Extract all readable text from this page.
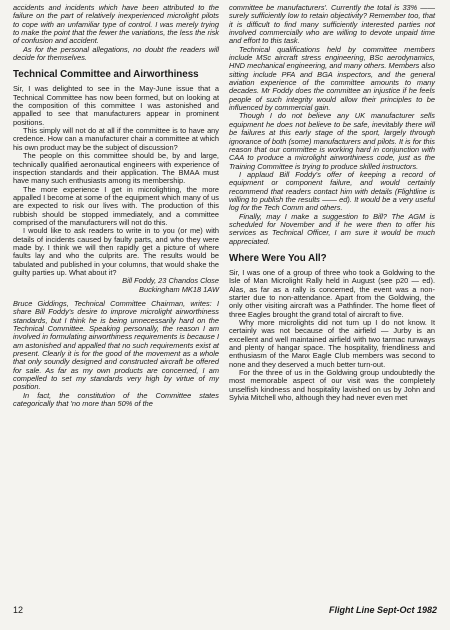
accidents and incidents which have been attributed to the failure on the part of relatively inexperienced microlight pilots to cope with an unfamiliar type of control. I was merely trying to make the point that the fewer the variations, the less the risk of confusion and accident.

As for the personal allegations, no doubt the readers will decide for themselves.

Technical Committee and Airworthiness

Sir, I was delighted to see in the May-June issue that a Technical Committee has now been formed, but on looking at the composition of this committee I was astonished and appalled to see that manufacturers appear in prominent positions.

This simply will not do at all if the committee is to have any credence. How can a manufacturer chair a committee at which his own product may be the subject of discussion?

The people on this committee should be, by and large, technically qualified aeronautical engineers with experience of inspection standards and their application. The BMAA must have many such enthusiasts among its membership.

The more experience I get in microlighting, the more appalled I become at some of the equipment which many of us are expected to risk our lives with. The production of this rubbish should be stopped immediately, and a committee comprised of the manufacturers will not do this.

I would like to ask readers to write in to you (or me) with details of incidents caused by faulty parts, and who they were made by. I think we will then rapidly get a picture of where faults lay and who the culprits are. The results would be tabulated and published in your columns, that would shake the guilty parties up. What about it?

Bill Foddy, 23 Chandos Close

Buckingham MK18 1AW

Bruce Giddings, Technical Committee Chairman, writes: I share Bill Foddy's desire to improve microlight airworthiness standards, but I think he is being unnecessarily hard on the Technical Committee. Speaking personally, the reason I am involved in formulating airworthiness requirements is because I am astonished and appalled that no such requirements exist at present. Clearly it is for the good of the movement as a whole that only soundly designed and constructed aircraft be offered for sale. As far as my own products are concerned, I am compelled to set my standards very high by virtue of my position.

In fact, the constitution of the Committee states categorically that 'no more than 50% of the

committee be manufacturers'. Currently the total is 33% —— surely sufficiently low to retain objectivity? Remember too, that it is difficult to find many sufficiently interested parties not involved commercially who are willing to devote unpaid time and effort to this task.

Technical qualifications held by committee members include MSc aircraft stress engineering, BSc aerodynamics, HND mechanical engineering, and many others. Members also sitting include PFA and BGA inspectors, and the general aviation experience of the committee amounts to many decades. Mr Foddy does the committee an injustice if he feels people of such integrity would allow their principles to be influenced by commercial gain.

Though I do not believe any UK manufacturer sells equipment he does not believe to be safe, inevitably there will be failures at this early stage of the sport, largely through ignorance of both (some) manufacturers and pilots. It is for this reason that our committee is working hard in conjunction with CAA to produce a microlight airworthiness code, just as the Training Committee is trying to produce skilled instructors.

I applaud Bill Foddy's offer of keeping a record of equipment or component failure, and would certainly recommend that readers contact him with details (Flightline is willing to publish the results —— ed). It would be a very useful log for the Tech Comm and others.

Finally, may I make a suggestion to Bill? The AGM is scheduled for November and if he were then to offer his services as Technical Officer, I am sure it would be much appreciated.

Where Were You All?

Sir, I was one of a group of three who took a Goldwing to the Isle of Man Microlight Rally held in August (see p20 — ed). Alas, as far as a rally is concerned, the event was a non-starter due to non-attendance. Apart from the Goldwing, the only other visiting aircraft was a Pathfinder. The home fleet of three Eagles brought the grand total of aircraft to five.

Why more microlights did not turn up I do not know. It certainly was not because of the airfield — Jurby is an excellent and well maintained airfield with two tarmac runways and plenty of hangar space. The hospitality, friendliness and enthusiasm of the Manx Eagle Club members was second to none and they deserved a much better turn-out.

For the three of us in the Goldwing group undoubtedly the most memorable aspect of our visit was the completely unselfish kindness and hospitality lavished on us by John and Sylvia Mitchell who, although they had never even met

12	Flight Line Sept-Oct 1982
